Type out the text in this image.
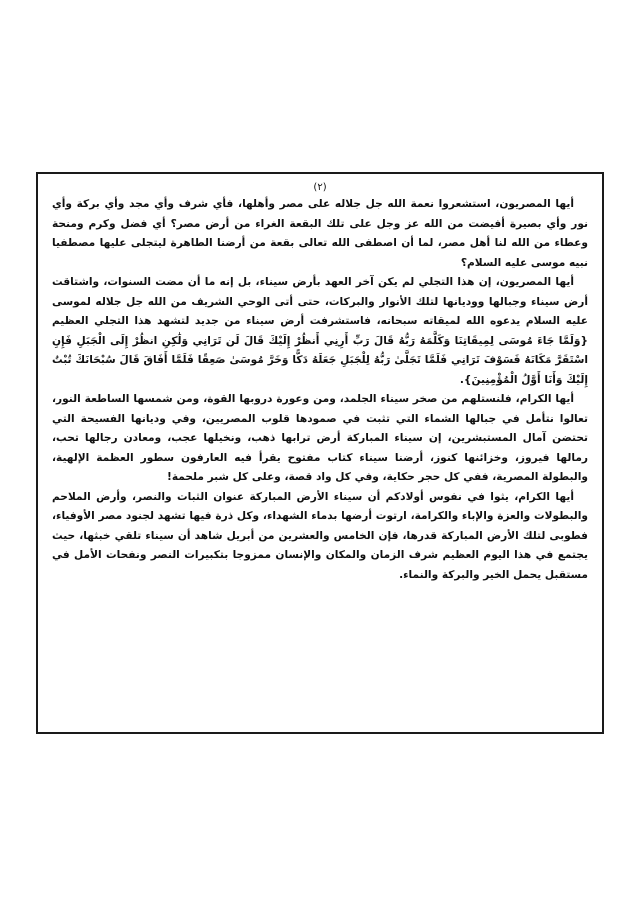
(٢)

أيها المصريون، استشعروا نعمة الله جل جلاله على مصر وأهلها، فأي شرف وأي مجد وأي بركة وأي نور وأي بصيرة أفيضت من الله عز وجل على تلك البقعة الغراء من أرض مصر؟ أي فضل وكرم ومنحة وعطاء من الله لنا أهل مصر، لما أن اصطفى الله تعالى بقعة من أرضنا الطاهرة ليتجلى عليها مصطفيا نبيه موسى عليه السلام؟

أيها المصريون، إن هذا التجلي لم يكن آخر العهد بأرض سيناء، بل إنه ما أن مضت السنوات، واشتاقت أرض سيناء وجبالها ووديانها لتلك الأنوار والبركات، حتى أتى الوحي الشريف من الله جل جلاله لموسى عليه السلام يدعوه الله لميقاته سبحانه، فاستشرفت أرض سيناء من جديد لتشهد هذا التجلي العظيم {وَلَمَّا جَاءَ مُوسَى لِمِيقَاتِنَا وَكَلَّمَهُ رَبُّهُ قَالَ رَبِّ أَرِنِي أَنظُرْ إِلَيْكَ قَالَ لَن تَرَانِي وَلَٰكِنِ انظُرْ إِلَى الْجَبَلِ فَإِنِ اسْتَقَرَّ مَكَانَهُ فَسَوْفَ تَرَانِي فَلَمَّا تَجَلَّىٰ رَبُّهُ لِلْجَبَلِ جَعَلَهُ دَكًّا وَخَرَّ مُوسَىٰ صَعِقًا فَلَمَّا أَفَاقَ قَالَ سُبْحَانَكَ تُبْتُ إِلَيْكَ وَأَنَا أَوَّلُ الْمُؤْمِنِينَ}.

أيها الكرام، فلنستلهم من صخر سيناء الجلمد، ومن وعورة دروبها القوة، ومن شمسها الساطعة النور، تعالوا نتأمل في جبالها الشماء التي تثبت في صمودها قلوب المصريين، وفي وديانها الفسيحة التي تحتضن آمال المستبشرين، إن سيناء المباركة أرض ترابها ذهب، ونخيلها عجب، ومعادن رجالها تحب، رمالها فيروز، وخزائنها كنوز، أرضنا سيناء كتاب مفتوح يقرأ فيه العارفون سطور العظمة الإلهية، والبطولة المصرية، ففي كل حجر حكاية، وفي كل واد قصة، وعلى كل شبر ملحمة!

أيها الكرام، يثوا في نفوس أولادكم أن سيناء الأرض المباركة عنوان الثبات والنصر، وأرض الملاحم والبطولات والعزة والإباء والكرامة، ارتوت أرضها بدماء الشهداء، وكل ذرة فيها تشهد لجنود مصر الأوفياء، فطوبى لتلك الأرض المباركة قدرها، فإن الخامس والعشرين من أبريل شاهد أن سيناء تلقي خبثها، حيث يجتمع في هذا اليوم العظيم شرف الزمان والمكان والإنسان ممزوجا بتكبيرات النصر ونفحات الأمل في مستقبل يحمل الخير والبركة والنماء.
